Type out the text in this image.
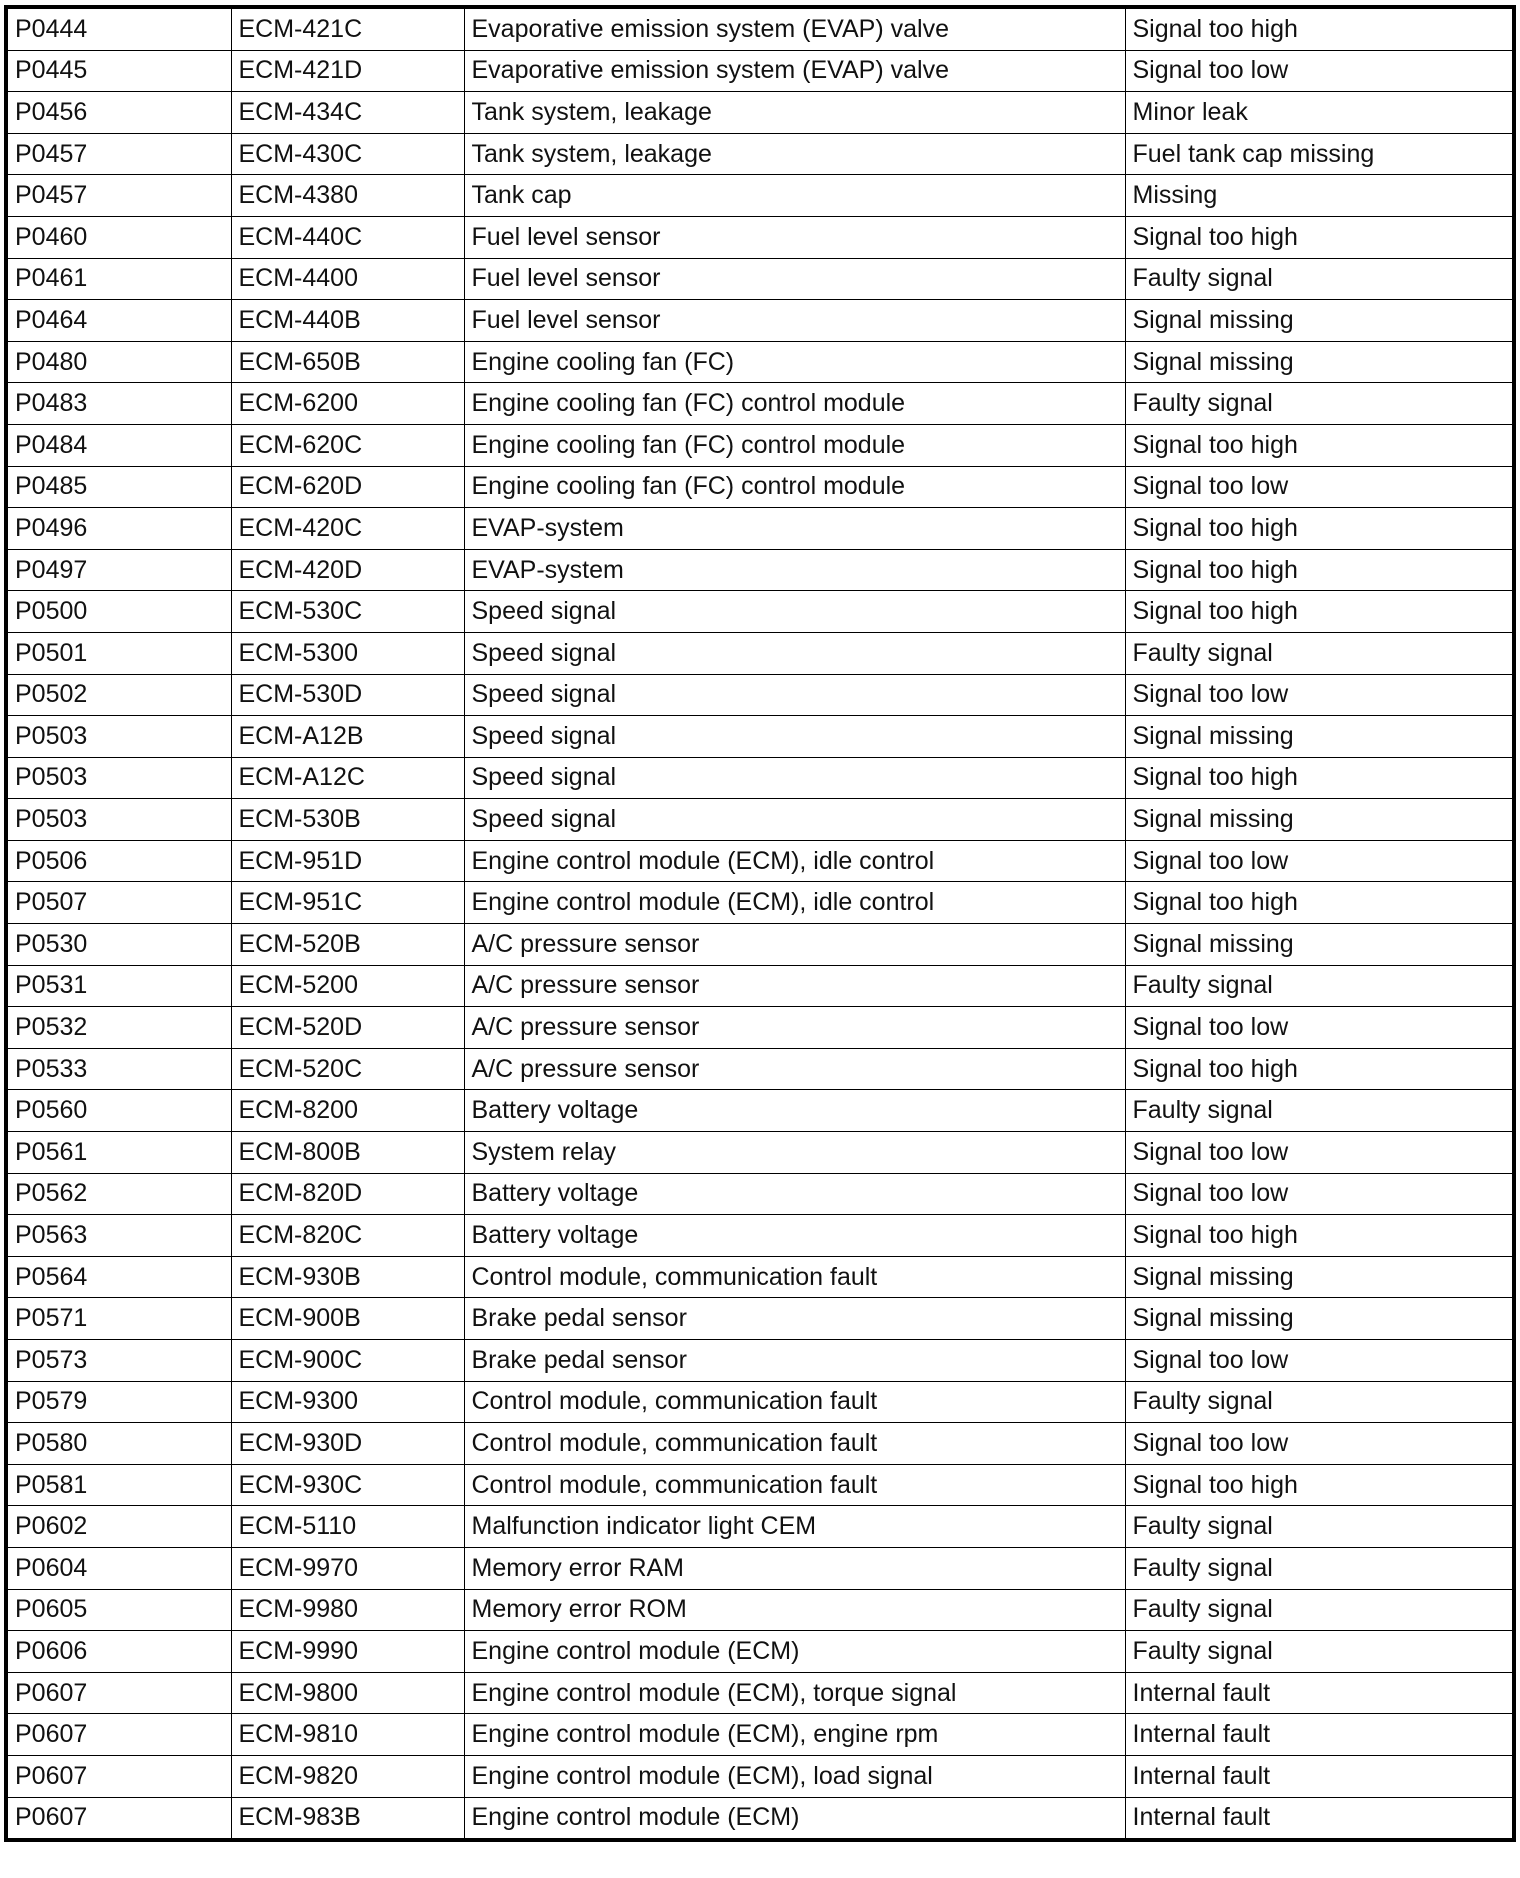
P0444	ECM-421C	Evaporative emission system (EVAP) valve	Signal too high
P0445	ECM-421D	Evaporative emission system (EVAP) valve	Signal too low
P0456	ECM-434C	Tank system, leakage	Minor leak
P0457	ECM-430C	Tank system, leakage	Fuel tank cap missing
P0457	ECM-4380	Tank cap	Missing
P0460	ECM-440C	Fuel level sensor	Signal too high
P0461	ECM-4400	Fuel level sensor	Faulty signal
P0464	ECM-440B	Fuel level sensor	Signal missing
P0480	ECM-650B	Engine cooling fan (FC)	Signal missing
P0483	ECM-6200	Engine cooling fan (FC) control module	Faulty signal
P0484	ECM-620C	Engine cooling fan (FC) control module	Signal too high
P0485	ECM-620D	Engine cooling fan (FC) control module	Signal too low
P0496	ECM-420C	EVAP-system	Signal too high
P0497	ECM-420D	EVAP-system	Signal too high
P0500	ECM-530C	Speed signal	Signal too high
P0501	ECM-5300	Speed signal	Faulty signal
P0502	ECM-530D	Speed signal	Signal too low
P0503	ECM-A12B	Speed signal	Signal missing
P0503	ECM-A12C	Speed signal	Signal too high
P0503	ECM-530B	Speed signal	Signal missing
P0506	ECM-951D	Engine control module (ECM), idle control	Signal too low
P0507	ECM-951C	Engine control module (ECM), idle control	Signal too high
P0530	ECM-520B	A/C pressure sensor	Signal missing
P0531	ECM-5200	A/C pressure sensor	Faulty signal
P0532	ECM-520D	A/C pressure sensor	Signal too low
P0533	ECM-520C	A/C pressure sensor	Signal too high
P0560	ECM-8200	Battery voltage	Faulty signal
P0561	ECM-800B	System relay	Signal too low
P0562	ECM-820D	Battery voltage	Signal too low
P0563	ECM-820C	Battery voltage	Signal too high
P0564	ECM-930B	Control module, communication fault	Signal missing
P0571	ECM-900B	Brake pedal sensor	Signal missing
P0573	ECM-900C	Brake pedal sensor	Signal too low
P0579	ECM-9300	Control module, communication fault	Faulty signal
P0580	ECM-930D	Control module, communication fault	Signal too low
P0581	ECM-930C	Control module, communication fault	Signal too high
P0602	ECM-5110	Malfunction indicator light CEM	Faulty signal
P0604	ECM-9970	Memory error RAM	Faulty signal
P0605	ECM-9980	Memory error ROM	Faulty signal
P0606	ECM-9990	Engine control module (ECM)	Faulty signal
P0607	ECM-9800	Engine control module (ECM), torque signal	Internal fault
P0607	ECM-9810	Engine control module (ECM), engine rpm	Internal fault
P0607	ECM-9820	Engine control module (ECM), load signal	Internal fault
P0607	ECM-983B	Engine control module (ECM)	Internal fault
